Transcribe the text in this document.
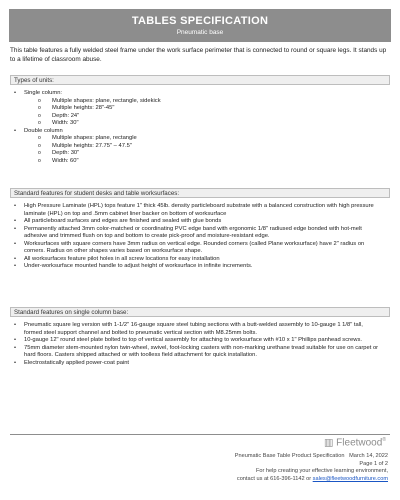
TABLES SPECIFICATION
Pneumatic base
This table features a fully welded steel frame under the work surface perimeter that is connected to round or square legs. It stands up to a lifetime of classroom abuse.
Types of units:
• Single column:
o Multiple shapes: plane, rectangle, sidekick
o Multiple heights: 28"-45"
o Depth: 24"
o Width: 30"
• Double column
o Multiple shapes: plane, rectangle
o Multiple heights: 27.75" – 47.5"
o Depth: 30"
o Width: 60"
Standard features for student desks and table worksurfaces:
• High Pressure Laminate (HPL) tops feature 1" thick 45lb. density particleboard substrate with a balanced construction with high pressure laminate (HPL) on top and .5mm cabinet liner backer on bottom of worksurface
• All particleboard surfaces and edges are finished and sealed with glue bonds
• Permanently attached 3mm color-matched or coordinating PVC edge band with ergonomic 1/8" radiused edge bonded with hot-melt adhesive and trimmed flush on top and bottom to create pick-proof and moisture-resistant edge.
• Worksurfaces with square corners have 3mm radius on vertical edge. Rounded corners (called Plane worksurface) have 2" radius on corners. Radius on other shapes varies based on worksurface shape.
• All worksurfaces feature pilot holes in all screw locations for easy installation
• Under-worksurface mounted handle to adjust height of worksurface in infinite increments.
Standard features on single column base:
• Pneumatic square leg version with 1-1/2" 16-gauge square steel tubing sections with a butt-welded assembly to 10-gauge 1 1/8" tall, formed steel support channel and bolted to pneumatic vertical section with M8.25mm bolts.
• 10-gauge 12" round steel plate bolted to top of vertical assembly for attaching to worksurface with #10 x 1" Phillips panhead screws.
• 75mm diameter stem-mounted nylon twin-wheel, swivel, foot-locking casters with non-marking urethane tread suitable for use on carpet or hard floors. Casters shipped attached or with toolless field attachment for quick installation.
• Electrostatically applied power-coat paint
▥ Fleetwood®
Pneumatic Base Table Product Specification March 14, 2022
Page 1 of 2
For help creating your effective learning environment,
contact us at 616-396-1142 or sales@fleetwoodfurniture.com
